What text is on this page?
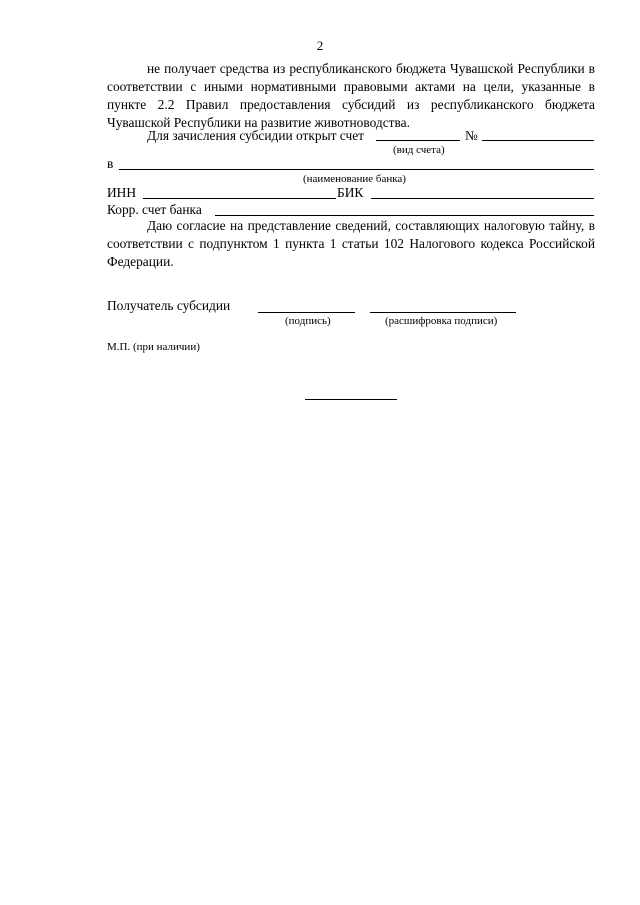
2

не получает средства из республиканского бюджета Чувашской Республики в соответствии с иными нормативными правовыми актами на цели, указанные в пункте 2.2 Правил предоставления субсидий из республиканского бюджета Чувашской Республики на развитие животноводства.

Для зачисления субсидии открыт счет	№
(вид счета)
в
(наименование банка)
ИНН	БИК
Корр. счет банка

Даю согласие на представление сведений, составляющих налоговую тайну, в соответствии с подпунктом 1 пункта 1 статьи 102 Налогового кодекса Российской Федерации.

Получатель субсидии
(подпись)	(расшифровка подписи)
М.П. (при наличии)
